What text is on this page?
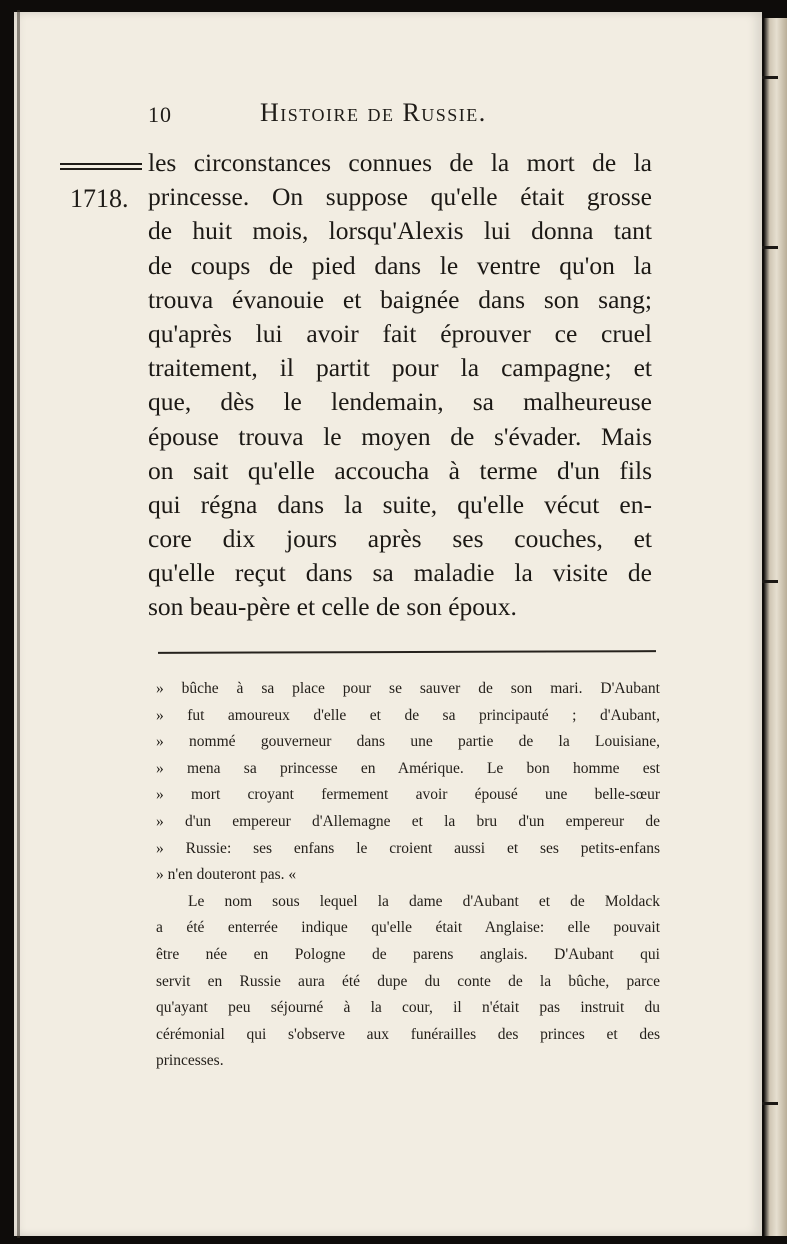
10	Histoire de Russie.
1718.
les circonstances connues de la mort de la
princesse. On suppose qu'elle était grosse
de huit mois, lorsqu'Alexis lui donna tant
de coups de pied dans le ventre qu'on la
trouva évanouie et baignée dans son sang;
qu'après lui avoir fait éprouver ce cruel
traitement, il partit pour la campagne; et
que, dès le lendemain, sa malheureuse
épouse trouva le moyen de s'évader. Mais
on sait qu'elle accoucha à terme d'un fils
qui régna dans la suite, qu'elle vécut en-
core dix jours après ses couches, et
qu'elle reçut dans sa maladie la visite de
son beau-père et celle de son époux.
» bûche à sa place pour se sauver de son mari. D'Aubant
» fut amoureux d'elle et de sa principauté ; d'Aubant,
» nommé gouverneur dans une partie de la Louisiane,
» mena sa princesse en Amérique. Le bon homme est
» mort croyant fermement avoir épousé une belle-sœur
» d'un empereur d'Allemagne et la bru d'un empereur de
» Russie: ses enfans le croient aussi et ses petits-enfans
» n'en douteront pas. «
Le nom sous lequel la dame d'Aubant et de Moldack
a été enterrée indique qu'elle était Anglaise: elle pouvait
être née en Pologne de parens anglais. D'Aubant qui
servit en Russie aura été dupe du conte de la bûche, parce
qu'ayant peu séjourné à la cour, il n'était pas instruit du
cérémonial qui s'observe aux funérailles des princes et des
princesses.
